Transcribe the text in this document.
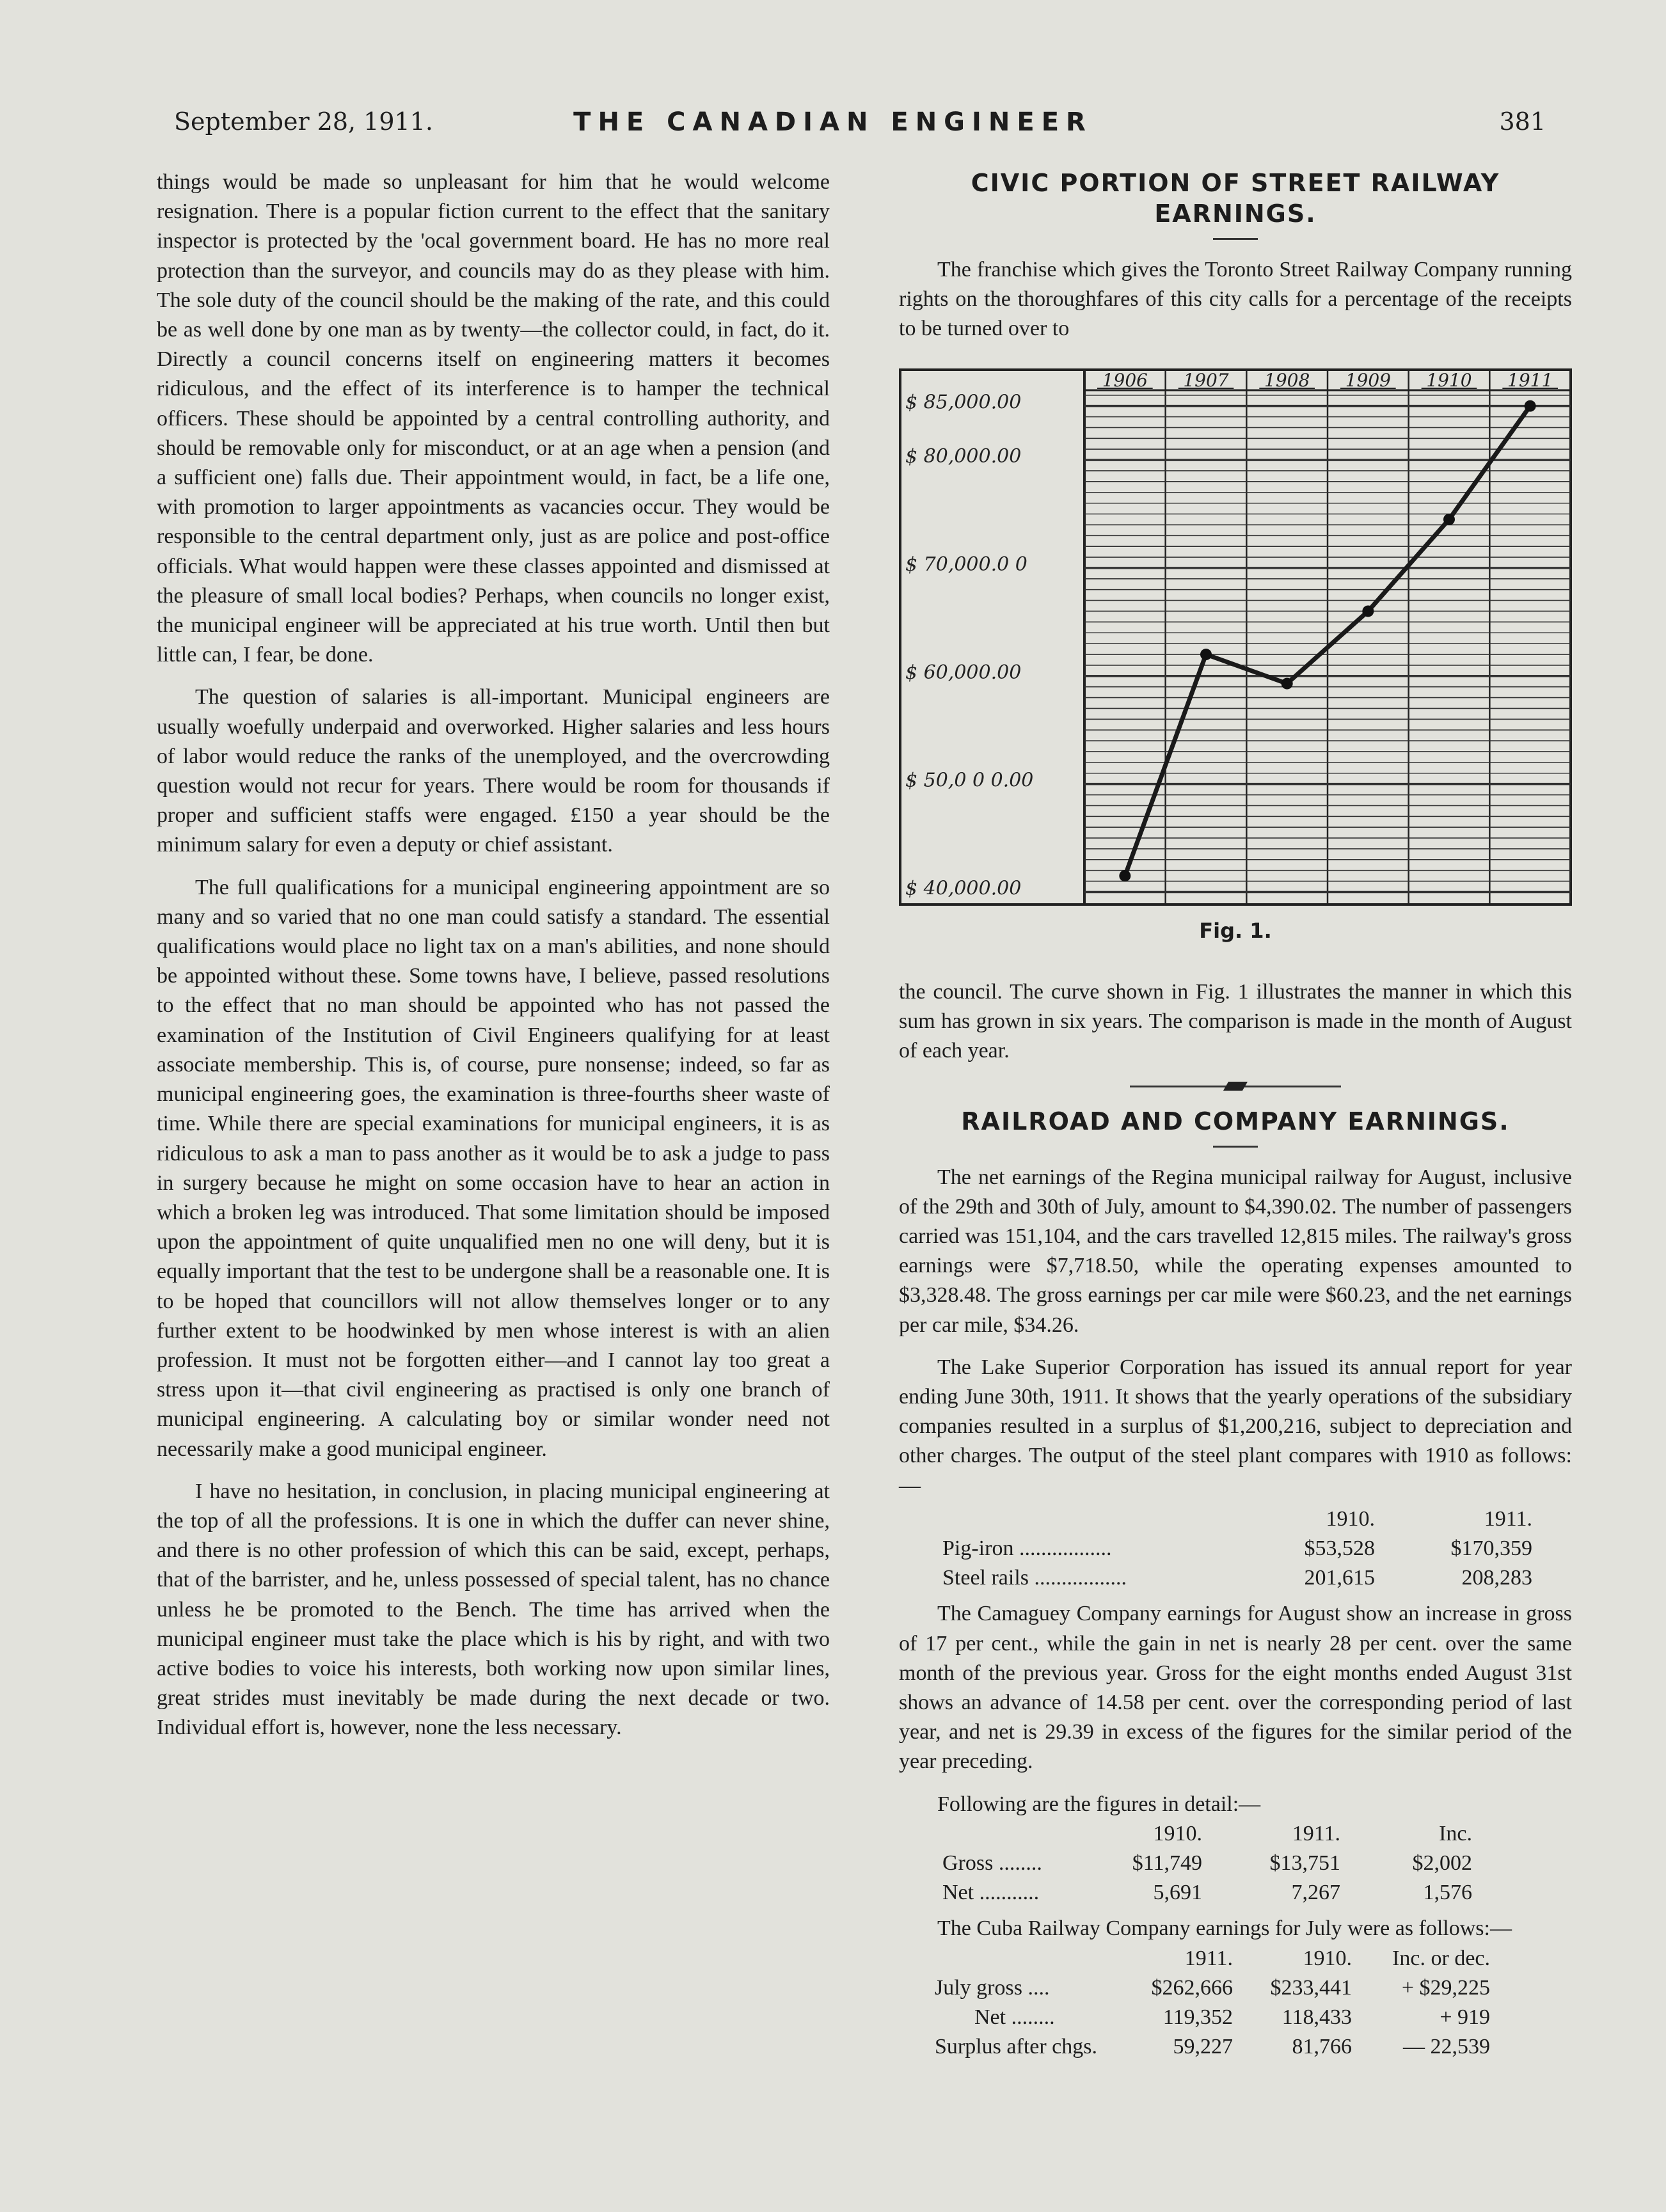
September 28, 1911.	THE CANADIAN ENGINEER	381

things would be made so unpleasant for him that he would welcome resignation. There is a popular fiction current to the effect that the sanitary inspector is protected by the 'ocal government board. He has no more real protection than the surveyor, and councils may do as they please with him. The sole duty of the council should be the making of the rate, and this could be as well done by one man as by twenty—the collector could, in fact, do it. Directly a council concerns itself on engineering matters it becomes ridiculous, and the effect of its interference is to hamper the technical officers. These should be appointed by a central controlling authority, and should be removable only for misconduct, or at an age when a pension (and a sufficient one) falls due. Their appointment would, in fact, be a life one, with promotion to larger appointments as vacancies occur. They would be responsible to the central department only, just as are police and post-office officials. What would happen were these classes appointed and dismissed at the pleasure of small local bodies? Perhaps, when councils no longer exist, the municipal engineer will be appreciated at his true worth. Until then but little can, I fear, be done.

The question of salaries is all-important. Municipal engineers are usually woefully underpaid and overworked. Higher salaries and less hours of labor would reduce the ranks of the unemployed, and the overcrowding question would not recur for years. There would be room for thousands if proper and sufficient staffs were engaged. £150 a year should be the minimum salary for even a deputy or chief assistant.

The full qualifications for a municipal engineering appointment are so many and so varied that no one man could satisfy a standard. The essential qualifications would place no light tax on a man's abilities, and none should be appointed without these. Some towns have, I believe, passed resolutions to the effect that no man should be appointed who has not passed the examination of the Institution of Civil Engineers qualifying for at least associate membership. This is, of course, pure nonsense; indeed, so far as municipal engineering goes, the examination is three-fourths sheer waste of time. While there are special examinations for municipal engineers, it is as ridiculous to ask a man to pass another as it would be to ask a judge to pass in surgery because he might on some occasion have to hear an action in which a broken leg was introduced. That some limitation should be imposed upon the appointment of quite unqualified men no one will deny, but it is equally important that the test to be undergone shall be a reasonable one. It is to be hoped that councillors will not allow themselves longer or to any further extent to be hoodwinked by men whose interest is with an alien profession. It must not be forgotten either—and I cannot lay too great a stress upon it—that civil engineering as practised is only one branch of municipal engineering. A calculating boy or similar wonder need not necessarily make a good municipal engineer.

I have no hesitation, in conclusion, in placing municipal engineering at the top of all the professions. It is one in which the duffer can never shine, and there is no other profession of which this can be said, except, perhaps, that of the barrister, and he, unless possessed of special talent, has no chance unless he be promoted to the Bench. The time has arrived when the municipal engineer must take the place which is his by right, and with two active bodies to voice his interests, both working now upon similar lines, great strides must inevitably be made during the next decade or two. Individual effort is, however, none the less necessary.

CIVIC PORTION OF STREET RAILWAY EARNINGS.

The franchise which gives the Toronto Street Railway Company running rights on the thoroughfares of this city calls for a percentage of the receipts to be turned over to

1906 1907 1908 1909 1910 1911
$ 85,000.00
$ 80,000.00
$ 70,000.0 0
$ 60,000.00
$ 50,0 0 0.00
$ 40,000.00
Fig. 1.

the council. The curve shown in Fig. 1 illustrates the manner in which this sum has grown in six years. The comparison is made in the month of August of each year.

RAILROAD AND COMPANY EARNINGS.

The net earnings of the Regina municipal railway for August, inclusive of the 29th and 30th of July, amount to $4,390.02. The number of passengers carried was 151,104, and the cars travelled 12,815 miles. The railway's gross earnings were $7,718.50, while the operating expenses amounted to $3,328.48. The gross earnings per car mile were $60.23, and the net earnings per car mile, $34.26.

The Lake Superior Corporation has issued its annual report for year ending June 30th, 1911. It shows that the yearly operations of the subsidiary companies resulted in a surplus of $1,200,216, subject to depreciation and other charges. The output of the steel plant compares with 1910 as follows:—

	1910.	1911.
Pig-iron .................	$53,528	$170,359
Steel rails .................	201,615	208,283

The Camaguey Company earnings for August show an increase in gross of 17 per cent., while the gain in net is nearly 28 per cent. over the same month of the previous year. Gross for the eight months ended August 31st shows an advance of 14.58 per cent. over the corresponding period of last year, and net is 29.39 in excess of the figures for the similar period of the year preceding.

Following are the figures in detail:—

	1910.	1911.	Inc.
Gross ........	$11,749	$13,751	$2,002
Net ...........	5,691	7,267	1,576

The Cuba Railway Company earnings for July were as follows:—

	1911.	1910.	Inc. or dec.
July gross ....	$262,666	$233,441	+ $29,225
Net ........	119,352	118,433	+ 919
Surplus after chgs.	59,227	81,766	— 22,539
